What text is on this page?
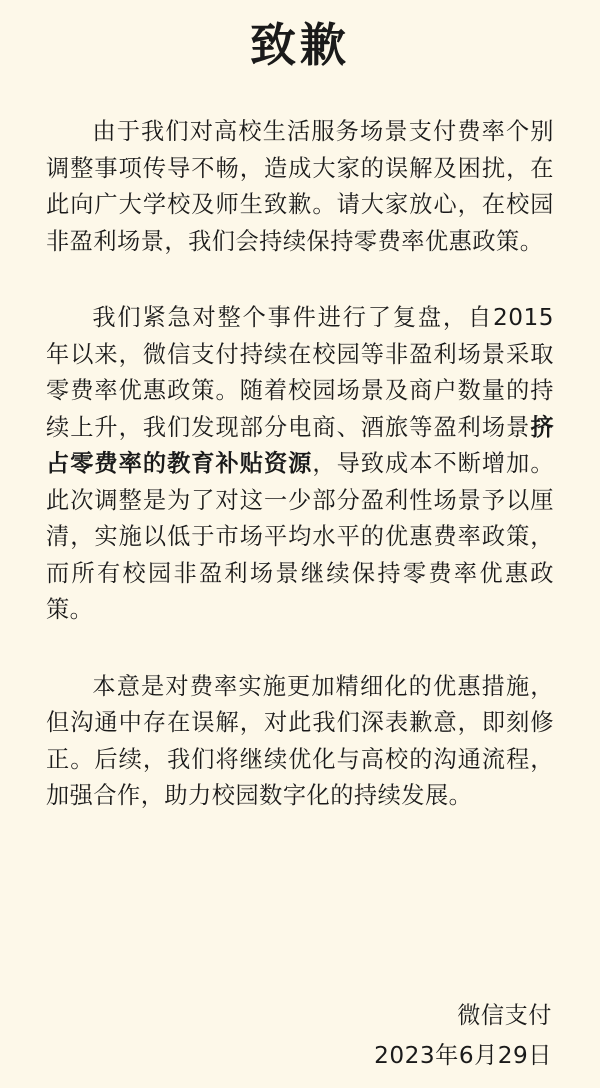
致歉

由于我们对高校生活服务场景支付费率个别调整事项传导不畅，造成大家的误解及困扰，在此向广大学校及师生致歉。请大家放心，在校园非盈利场景，我们会持续保持零费率优惠政策。

我们紧急对整个事件进行了复盘，自2015年以来，微信支付持续在校园等非盈利场景采取零费率优惠政策。随着校园场景及商户数量的持续上升，我们发现部分电商、酒旅等盈利场景挤占零费率的教育补贴资源，导致成本不断增加。此次调整是为了对这一少部分盈利性场景予以厘清，实施以低于市场平均水平的优惠费率政策，而所有校园非盈利场景继续保持零费率优惠政策。

本意是对费率实施更加精细化的优惠措施，但沟通中存在误解，对此我们深表歉意，即刻修正。后续，我们将继续优化与高校的沟通流程，加强合作，助力校园数字化的持续发展。

微信支付
2023年6月29日
